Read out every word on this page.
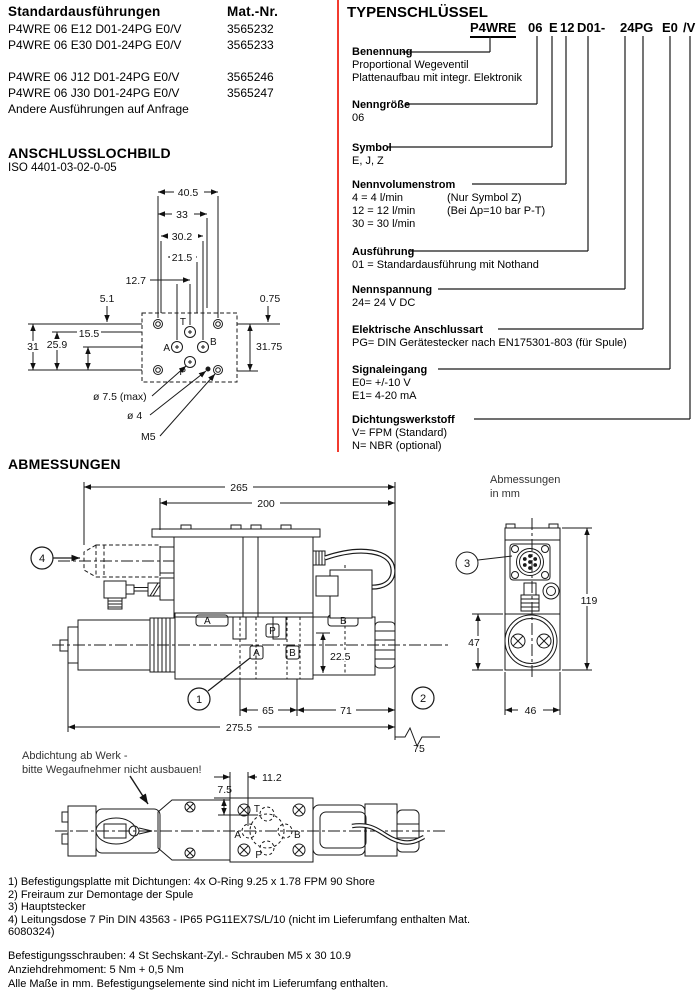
Standardausführungen	Mat.-Nr.
P4WRE 06 E12 D01-24PG E0/V	3565232
P4WRE 06 E30 D01-24PG E0/V	3565233
P4WRE 06 J12 D01-24PG E0/V	3565246
P4WRE 06 J30 D01-24PG E0/V	3565247
Andere Ausführungen auf Anfrage
ANSCHLUSSLOCHBILD
ISO 4401-03-02-0-05
40.5
33
30.2
21.5
12.7
5.1	0.75
31 25.9
15.5
31.75
T
A
B
P
ø 7.5 (max)
ø 4
M5
TYPENSCHLÜSSEL
P4WRE 06 E 12 D01- 24PG E0 /V
Benennung
Proportional Wegeventil
Plattenaufbau mit integr. Elektronik
Nenngröße
06
Symbol
E, J, Z
Nennvolumenstrom
4 = 4 l/min	(Nur Symbol Z)
12 = 12 l/min	(Bei Δp=10 bar P-T)
30 = 30 l/min
Ausführung
01 = Standardausführung mit Nothand
Nennspannung
24= 24 V DC
Elektrische Anschlussart
PG= DIN Gerätestecker nach EN175301-803 (für Spule)
Signaleingang
E0= +/-10 V
E1= 4-20 mA
Dichtungswerkstoff
V= FPM (Standard)
N= NBR (optional)
ABMESSUNGEN
Abmessungen
in mm
1	2
4
265
200
275.5
65	71
75
22.5
A	B
P
A	B
3
119
47
46
Abdichtung ab Werk -
bitte Wegaufnehmer nicht ausbauen!
11.2
7.5
T
A	B
P
1) Befestigungsplatte mit Dichtungen: 4x O-Ring 9.25 x 1.78 FPM 90 Shore
2) Freiraum zur Demontage der Spule
3) Hauptstecker
4) Leitungsdose 7 Pin DIN 43563 - IP65 PG11EX7S/L/10 (nicht im Lieferumfang enthalten Mat.
6080324)
Befestigungsschrauben: 4 St Sechskant-Zyl.- Schrauben M5 x 30 10.9
Anziehdrehmoment: 5 Nm + 0,5 Nm
Alle Maße in mm. Befestigungselemente sind nicht im Lieferumfang enthalten.
